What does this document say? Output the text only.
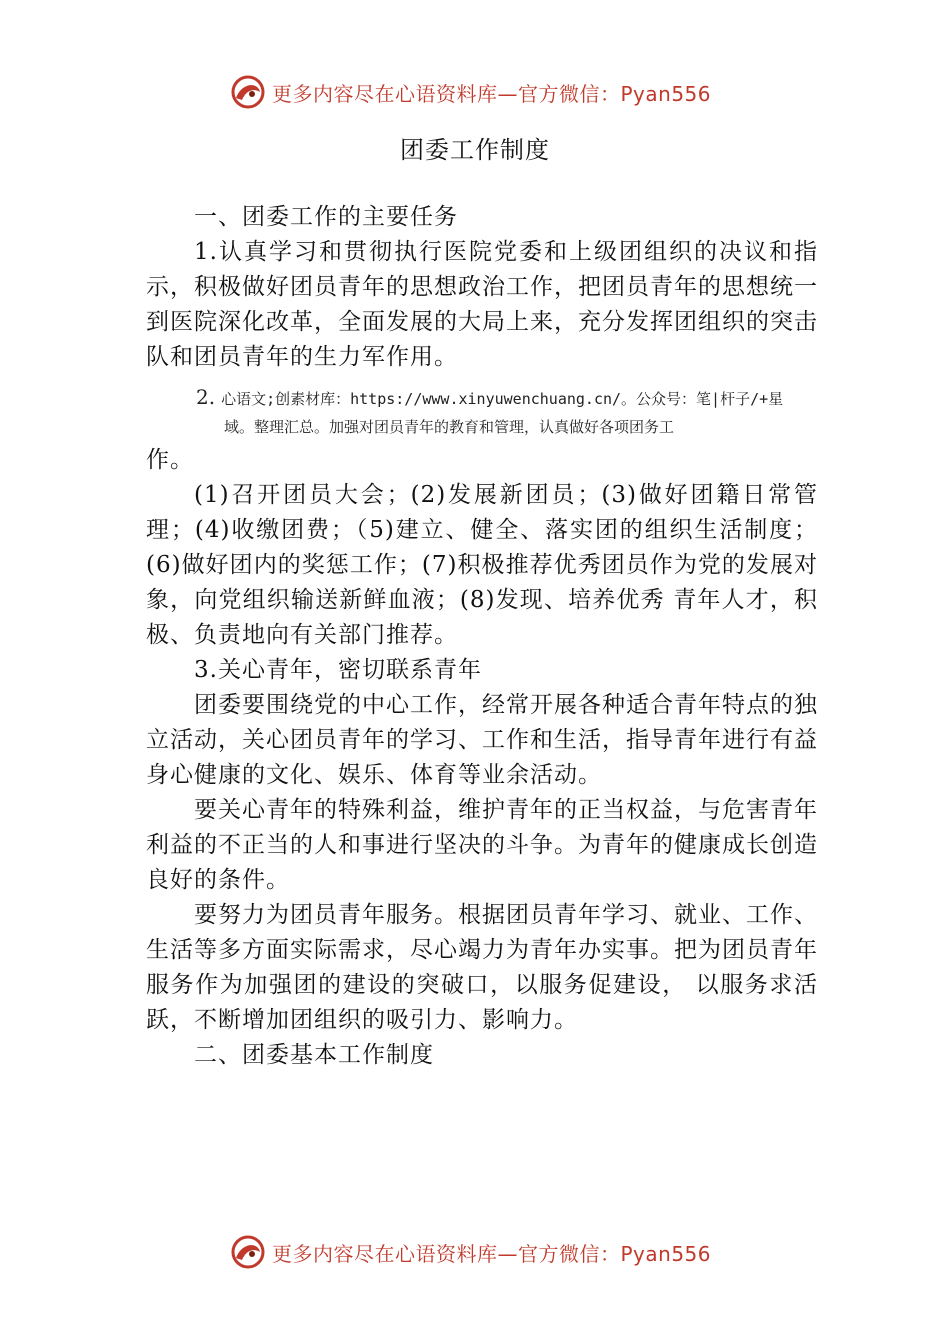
更多内容尽在心语资料库—官方微信：Pyan556
团委工作制度

一、团委工作的主要任务

1.认真学习和贯彻执行医院党委和上级团组织的决议和指示，积极做好团员青年的思想政治工作，把团员青年的思想统一到医院深化改革，全面发展的大局上来，充分发挥团组织的突击队和团员青年的生力军作用。

2. 心语文;创素材库：https://www.xinyuwenchuang.cn/。公众号：笔|杆子/+星
域。整理汇总。加强对团员青年的教育和管理，认真做好各项团务工

作。

(1)召开团员大会；(2)发展新团员；(3)做好团籍日常管理；(4)收缴团费；（5)建立、健全、落实团的组织生活制度；(6)做好团内的奖惩工作；(7)积极推荐优秀团员作为党的发展对象，向党组织输送新鲜血液；(8)发现、培养优秀 青年人才，积极、负责地向有关部门推荐。

3.关心青年，密切联系青年

团委要围绕党的中心工作，经常开展各种适合青年特点的独立活动，关心团员青年的学习、工作和生活，指导青年进行有益身心健康的文化、娱乐、体育等业余活动。

要关心青年的特殊利益，维护青年的正当权益，与危害青年利益的不正当的人和事进行坚决的斗争。为青年的健康成长创造良好的条件。

要努力为团员青年服务。根据团员青年学习、就业、工作、生活等多方面实际需求，尽心竭力为青年办实事。把为团员青年服务作为加强团的建设的突破口，以服务促建设， 以服务求活跃，不断增加团组织的吸引力、影响力。

二、团委基本工作制度

更多内容尽在心语资料库—官方微信：Pyan556
